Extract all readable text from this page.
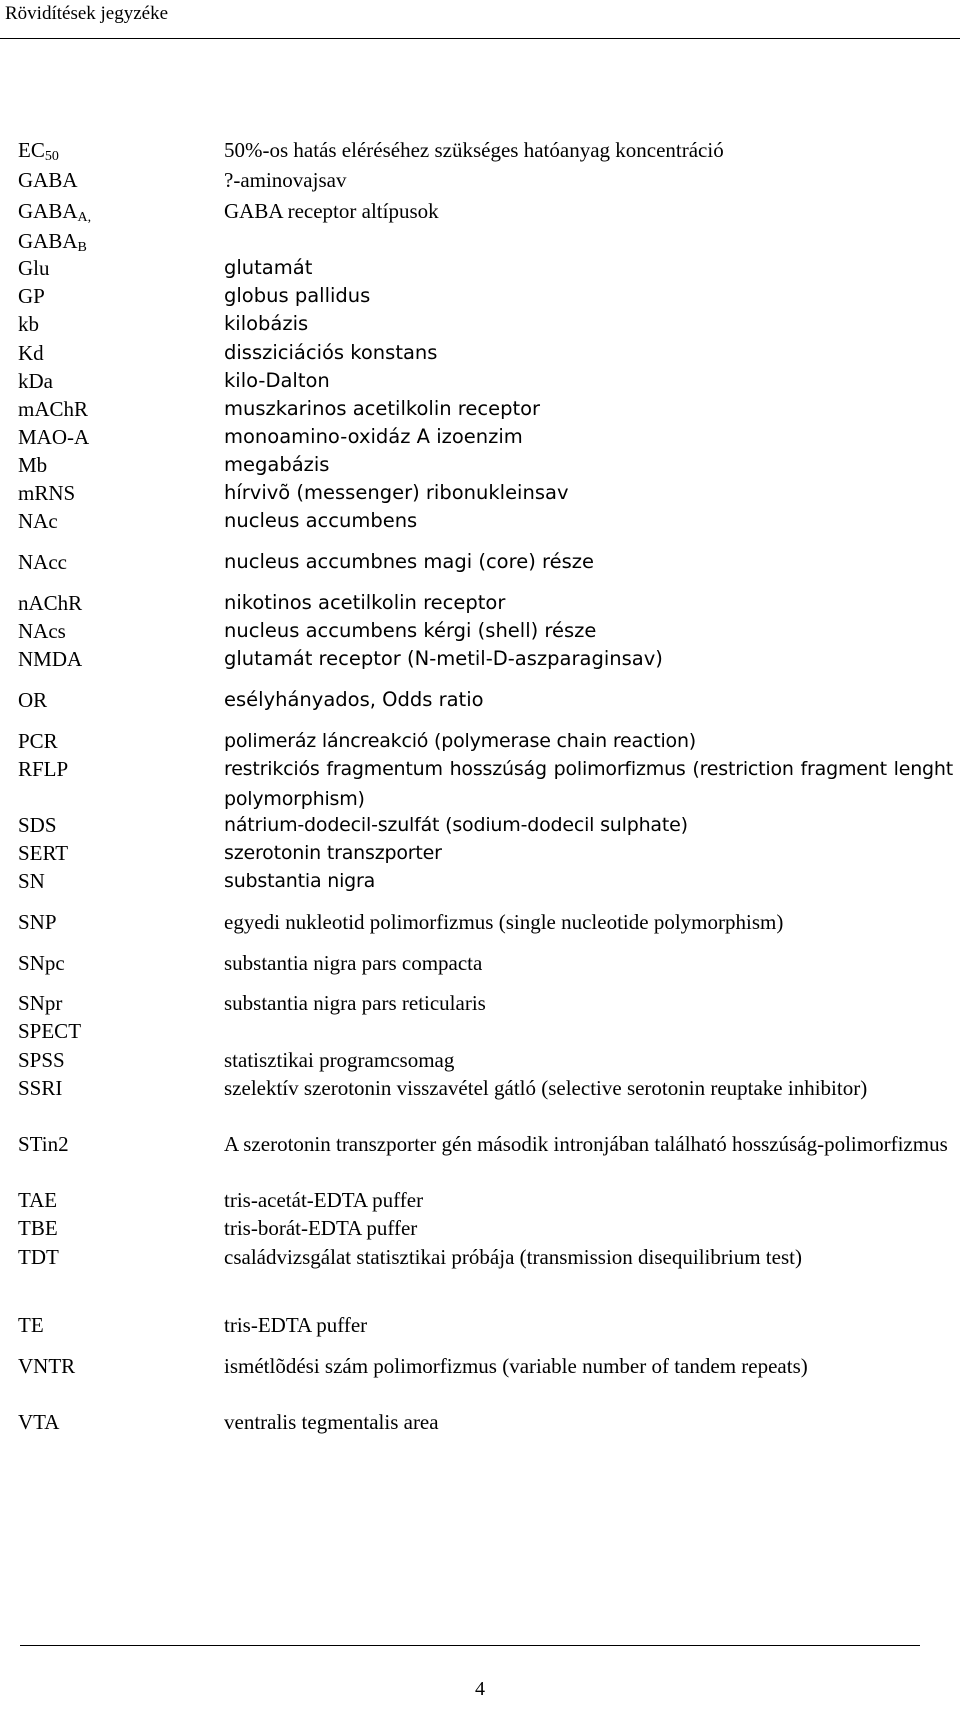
Rövidítések jegyzéke
$EC_{50}$	50%-os hatás eléréséhez szükséges hatóanyag koncentráció
GABA	?-aminovajsav
$GABA_{A,}$	GABA receptor altípusok
$GABA_B$
Glu	glutamát
GP	globus pallidus
kb	kilobázis
Kd	dissziciációs konstans
kDa	kilo-Dalton
mAChR	muszkarinos acetilkolin receptor
MAO-A	monoamino-oxidáz A izoenzim
Mb	megabázis
mRNS	hírvivõ (messenger) ribonukleinsav
NAc	nucleus accumbens
NAcc	nucleus accumbnes magi (core) része
nAChR	nikotinos acetilkolin receptor
NAcs	nucleus accumbens kérgi (shell) része
NMDA	glutamát receptor (N-metil-D-aszparaginsav)
OR	esélyhányados, Odds ratio
PCR	polimeráz láncreakció (polymerase chain reaction)
RFLP	restrikciós fragmentum hosszúság polimorfizmus (restriction fragment lenght polymorphism)
SDS	nátrium-dodecil-szulfát (sodium-dodecil sulphate)
SERT	szerotonin transzporter
SN	substantia nigra
SNP	egyedi nukleotid polimorfizmus (single nucleotide polymorphism)
SNpc	substantia nigra pars compacta
SNpr	substantia nigra pars reticularis
SPECT
SPSS	statisztikai programcsomag
SSRI	szelektív szerotonin visszavétel gátló (selective serotonin reuptake inhibitor)
STin2	A szerotonin transzporter gén második intronjában található hosszúság-polimorfizmus
TAE	tris-acetát-EDTA puffer
TBE	tris-borát-EDTA puffer
TDT	családvizsgálat statisztikai próbája (transmission disequilibrium test)
TE	tris-EDTA puffer
VNTR	ismétlõdési szám polimorfizmus (variable number of tandem repeats)
VTA	ventralis tegmentalis area
4
